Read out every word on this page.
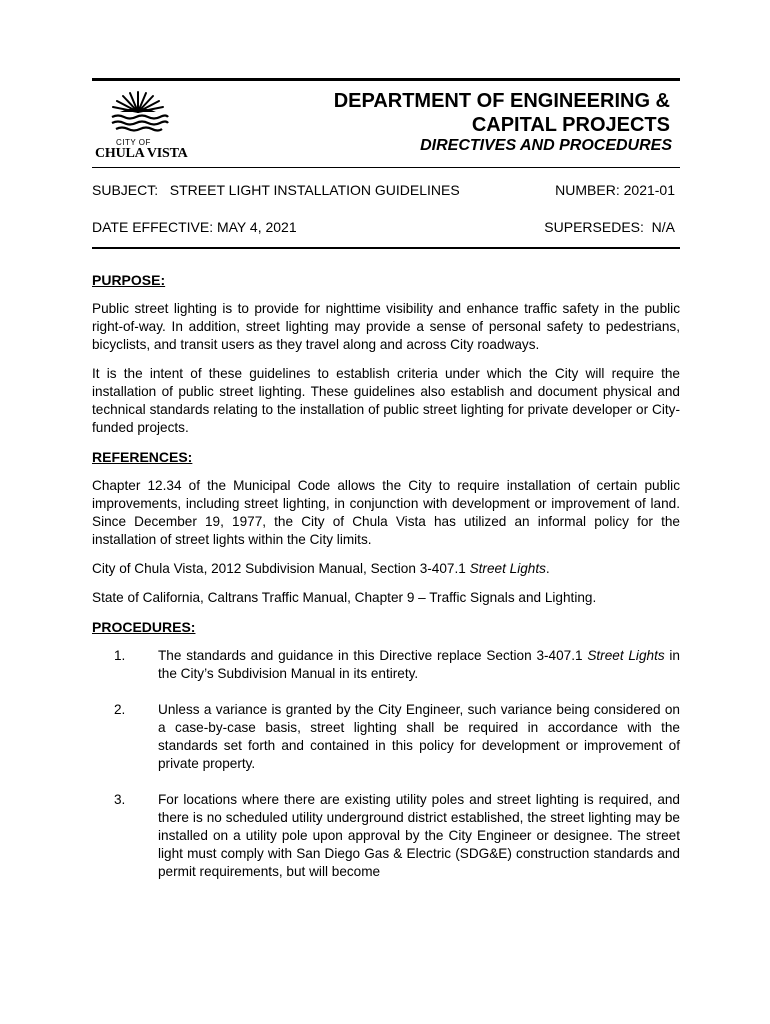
CITY OF
CHULA VISTA
DEPARTMENT OF ENGINEERING &
CAPITAL PROJECTS
DIRECTIVES AND PROCEDURES
SUBJECT:   STREET LIGHT INSTALLATION GUIDELINES	NUMBER: 2021-01
DATE EFFECTIVE: MAY 4, 2021	SUPERSEDES:  N/A
PURPOSE:

Public street lighting is to provide for nighttime visibility and enhance traffic safety in the public right-of-way. In addition, street lighting may provide a sense of personal safety to pedestrians, bicyclists, and transit users as they travel along and across City roadways.

It is the intent of these guidelines to establish criteria under which the City will require the installation of public street lighting. These guidelines also establish and document physical and technical standards relating to the installation of public street lighting for private developer or City-funded projects.

REFERENCES:

Chapter 12.34 of the Municipal Code allows the City to require installation of certain public improvements, including street lighting, in conjunction with development or improvement of land. Since December 19, 1977, the City of Chula Vista has utilized an informal policy for the installation of street lights within the City limits.

City of Chula Vista, 2012 Subdivision Manual, Section 3-407.1 Street Lights.

State of California, Caltrans Traffic Manual, Chapter 9 – Traffic Signals and Lighting.

PROCEDURES:
1. The standards and guidance in this Directive replace Section 3-407.1 Street Lights in the City’s Subdivision Manual in its entirety.
2. Unless a variance is granted by the City Engineer, such variance being considered on a case-by-case basis, street lighting shall be required in accordance with the standards set forth and contained in this policy for development or improvement of private property.
3. For locations where there are existing utility poles and street lighting is required, and there is no scheduled utility underground district established, the street lighting may be installed on a utility pole upon approval by the City Engineer or designee. The street light must comply with San Diego Gas & Electric (SDG&E) construction standards and permit requirements, but will become
